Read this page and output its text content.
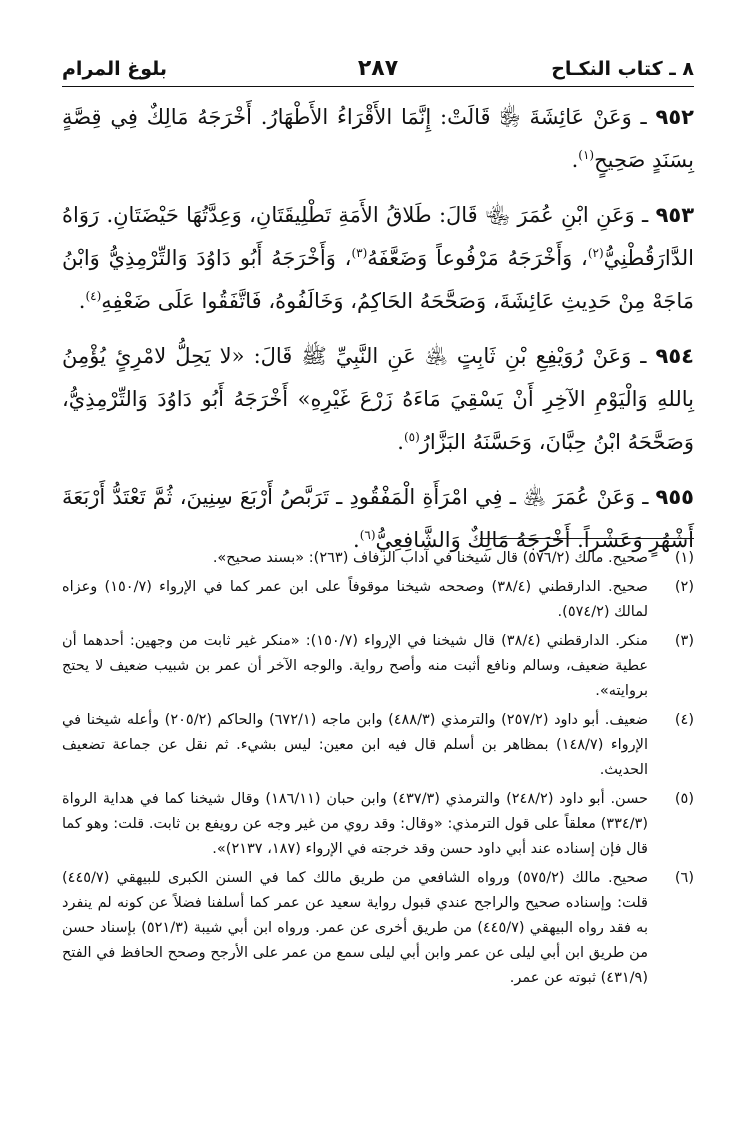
٨ ـ كتاب النكـاح
٢٨٧
بلوغ المرام

٩٥٢ ـ وَعَنْ عَائِشَةَ ﵂ قَالَتْ: إِنَّمَا الأَقْرَاءُ الأَطْهَارُ. أَخْرَجَهُ مَالِكٌ فِي قِصَّةٍ بِسَنَدٍ صَحِيحٍ$^{(١)}$.

٩٥٣ ـ وَعَنِ ابْنِ عُمَرَ ﵄ قَالَ: طَلاقُ الأَمَةِ تَطْلِيقَتَانِ، وَعِدَّتُهَا حَيْضَتَانِ. رَوَاهُ الدَّارَقُطْنِيُّ$^{(٢)}$، وَأَخْرَجَهُ مَرْفُوعاً وَضَعَّفَهُ$^{(٣)}$، وَأَخْرَجَهُ أَبُو دَاوُدَ وَالتِّرْمِذِيُّ وَابْنُ مَاجَهْ مِنْ حَدِيثِ عَائِشَةَ، وَصَحَّحَهُ الحَاكِمُ، وَخَالَفُوهُ، فَاتَّفَقُوا عَلَى ضَعْفِهِ$^{(٤)}$.

٩٥٤ ـ وَعَنْ رُوَيْفِعِ بْنِ ثَابِتٍ ﵁ عَنِ النَّبِيِّ ﷺ قَالَ: «لا يَحِلُّ لامْرِئٍ يُؤْمِنُ بِاللهِ وَالْيَوْمِ الآخِرِ أَنْ يَسْقِيَ مَاءَهُ زَرْعَ غَيْرِهِ» أَخْرَجَهُ أَبُو دَاوُدَ وَالتِّرْمِذِيُّ، وَصَحَّحَهُ ابْنُ حِبَّانَ، وَحَسَّنَهُ البَزَّارُ$^{(٥)}$.

٩٥٥ ـ وَعَنْ عُمَرَ ﵁ ـ فِي امْرَأَةِ الْمَفْقُودِ ـ تَرَبَّصُ أَرْبَعَ سِنِينَ، ثُمَّ تَعْتَدُّ أَرْبَعَةَ أَشْهُرٍ وَعَشْراً. أَخْرَجَهُ مَالِكٌ وَالشَّافِعِيُّ$^{(٦)}$.

(١)
صحيح. مالك (٥٧٦/٢) قال شيخنا في آداب الزفاف (٢٦٣): «بسند صحيح».
(٢)
صحيح. الدارقطني (٣٨/٤) وصححه شيخنا موقوفاً على ابن عمر كما في الإرواء (١٥٠/٧) وعزاه لمالك (٥٧٤/٢).
(٣)
منكر. الدارقطني (٣٨/٤) قال شيخنا في الإرواء (١٥٠/٧): «منكر غير ثابت من وجهين: أحدهما أن عطية ضعيف، وسالم ونافع أثبت منه وأصح رواية. والوجه الآخر أن عمر بن شبيب ضعيف لا يحتج بروايته».
(٤)
ضعيف. أبو داود (٢٥٧/٢) والترمذي (٤٨٨/٣) وابن ماجه (٦٧٢/١) والحاكم (٢٠٥/٢) وأعله شيخنا في الإرواء (١٤٨/٧) بمظاهر بن أسلم قال فيه ابن معين: ليس بشيء. ثم نقل عن جماعة تضعيف الحديث.
(٥)
حسن. أبو داود (٢٤٨/٢) والترمذي (٤٣٧/٣) وابن حبان (١٨٦/١١) وقال شيخنا كما في هداية الرواة (٣٣٤/٣) معلقاً على قول الترمذي: «وقال: وقد روي من غير وجه عن رويفع بن ثابت. قلت: وهو كما قال فإن إسناده عند أبي داود حسن وقد خرجته في الإرواء (١٨٧، ٢١٣٧)».
(٦)
صحيح. مالك (٥٧٥/٢) ورواه الشافعي من طريق مالك كما في السنن الكبرى للبيهقي (٤٤٥/٧) قلت: وإسناده صحيح والراجح عندي قبول رواية سعيد عن عمر كما أسلفنا فضلاً عن كونه لم ينفرد به فقد رواه البيهقي (٤٤٥/٧) من طريق أخرى عن عمر. ورواه ابن أبي شيبة (٥٢١/٣) بإسناد حسن من طريق ابن أبي ليلى عن عمر وابن أبي ليلى سمع من عمر على الأرجح وصحح الحافظ في الفتح (٤٣١/٩) ثبوته عن عمر.
